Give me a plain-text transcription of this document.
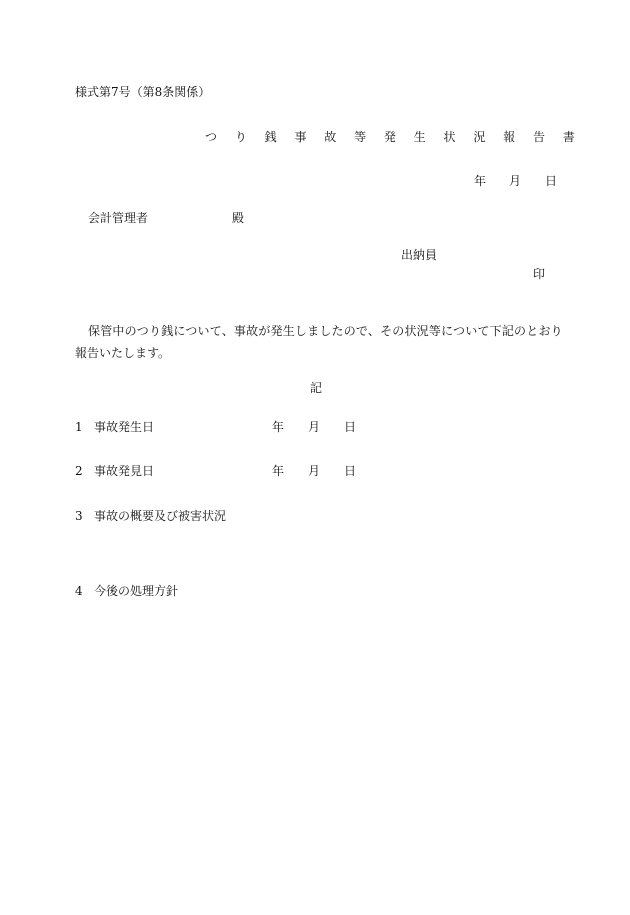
様式第7号（第8条関係）
つ り 銭 事 故 等 発 生 状 況 報 告 書
年 月 日
会計管理者	殿
出納員
印
保管中のつり銭について、事故が発生しましたので、その状況等について下記のとおり
報告いたします。
記
1 事故発生日	年 月 日
2 事故発見日	年 月 日
3 事故の概要及び被害状況
4 今後の処理方針
